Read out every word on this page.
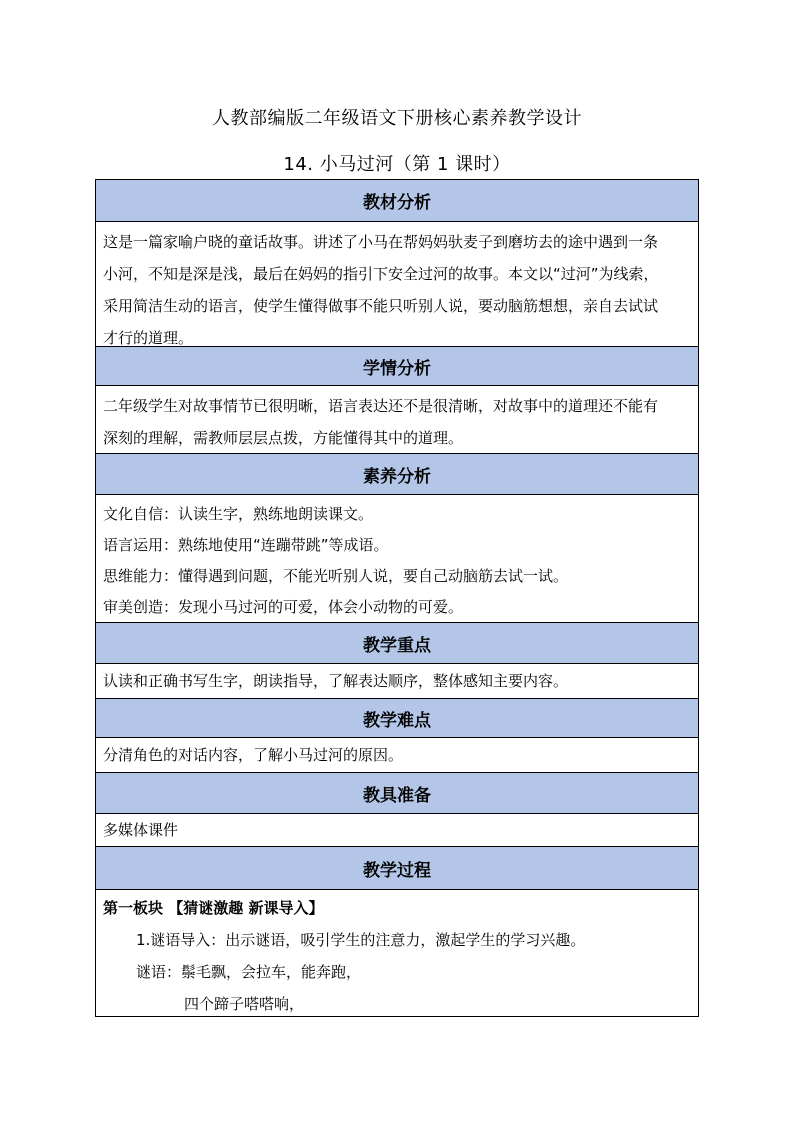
人教部编版二年级语文下册核心素养教学设计
14. 小马过河（第 1 课时）
教材分析
这是一篇家喻户晓的童话故事。讲述了小马在帮妈妈驮麦子到磨坊去的途中遇到一条
小河，不知是深是浅，最后在妈妈的指引下安全过河的故事。本文以“过河”为线索，
采用简洁生动的语言，使学生懂得做事不能只听别人说，要动脑筋想想，亲自去试试
才行的道理。
学情分析
二年级学生对故事情节已很明晰，语言表达还不是很清晰，对故事中的道理还不能有
深刻的理解，需教师层层点拨，方能懂得其中的道理。
素养分析
文化自信：认读生字，熟练地朗读课文。
语言运用：熟练地使用“连蹦带跳”等成语。
思维能力：懂得遇到问题，不能光听别人说，要自己动脑筋去试一试。
审美创造：发现小马过河的可爱，体会小动物的可爱。
教学重点
认读和正确书写生字，朗读指导，了解表达顺序，整体感知主要内容。
教学难点
分清角色的对话内容，了解小马过河的原因。
教具准备
多媒体课件
教学过程
第一板块 【猜谜激趣 新课导入】
1.谜语导入：出示谜语，吸引学生的注意力，激起学生的学习兴趣。
谜语：鬃毛飘，会拉车，能奔跑，
四个蹄子嗒嗒响，
